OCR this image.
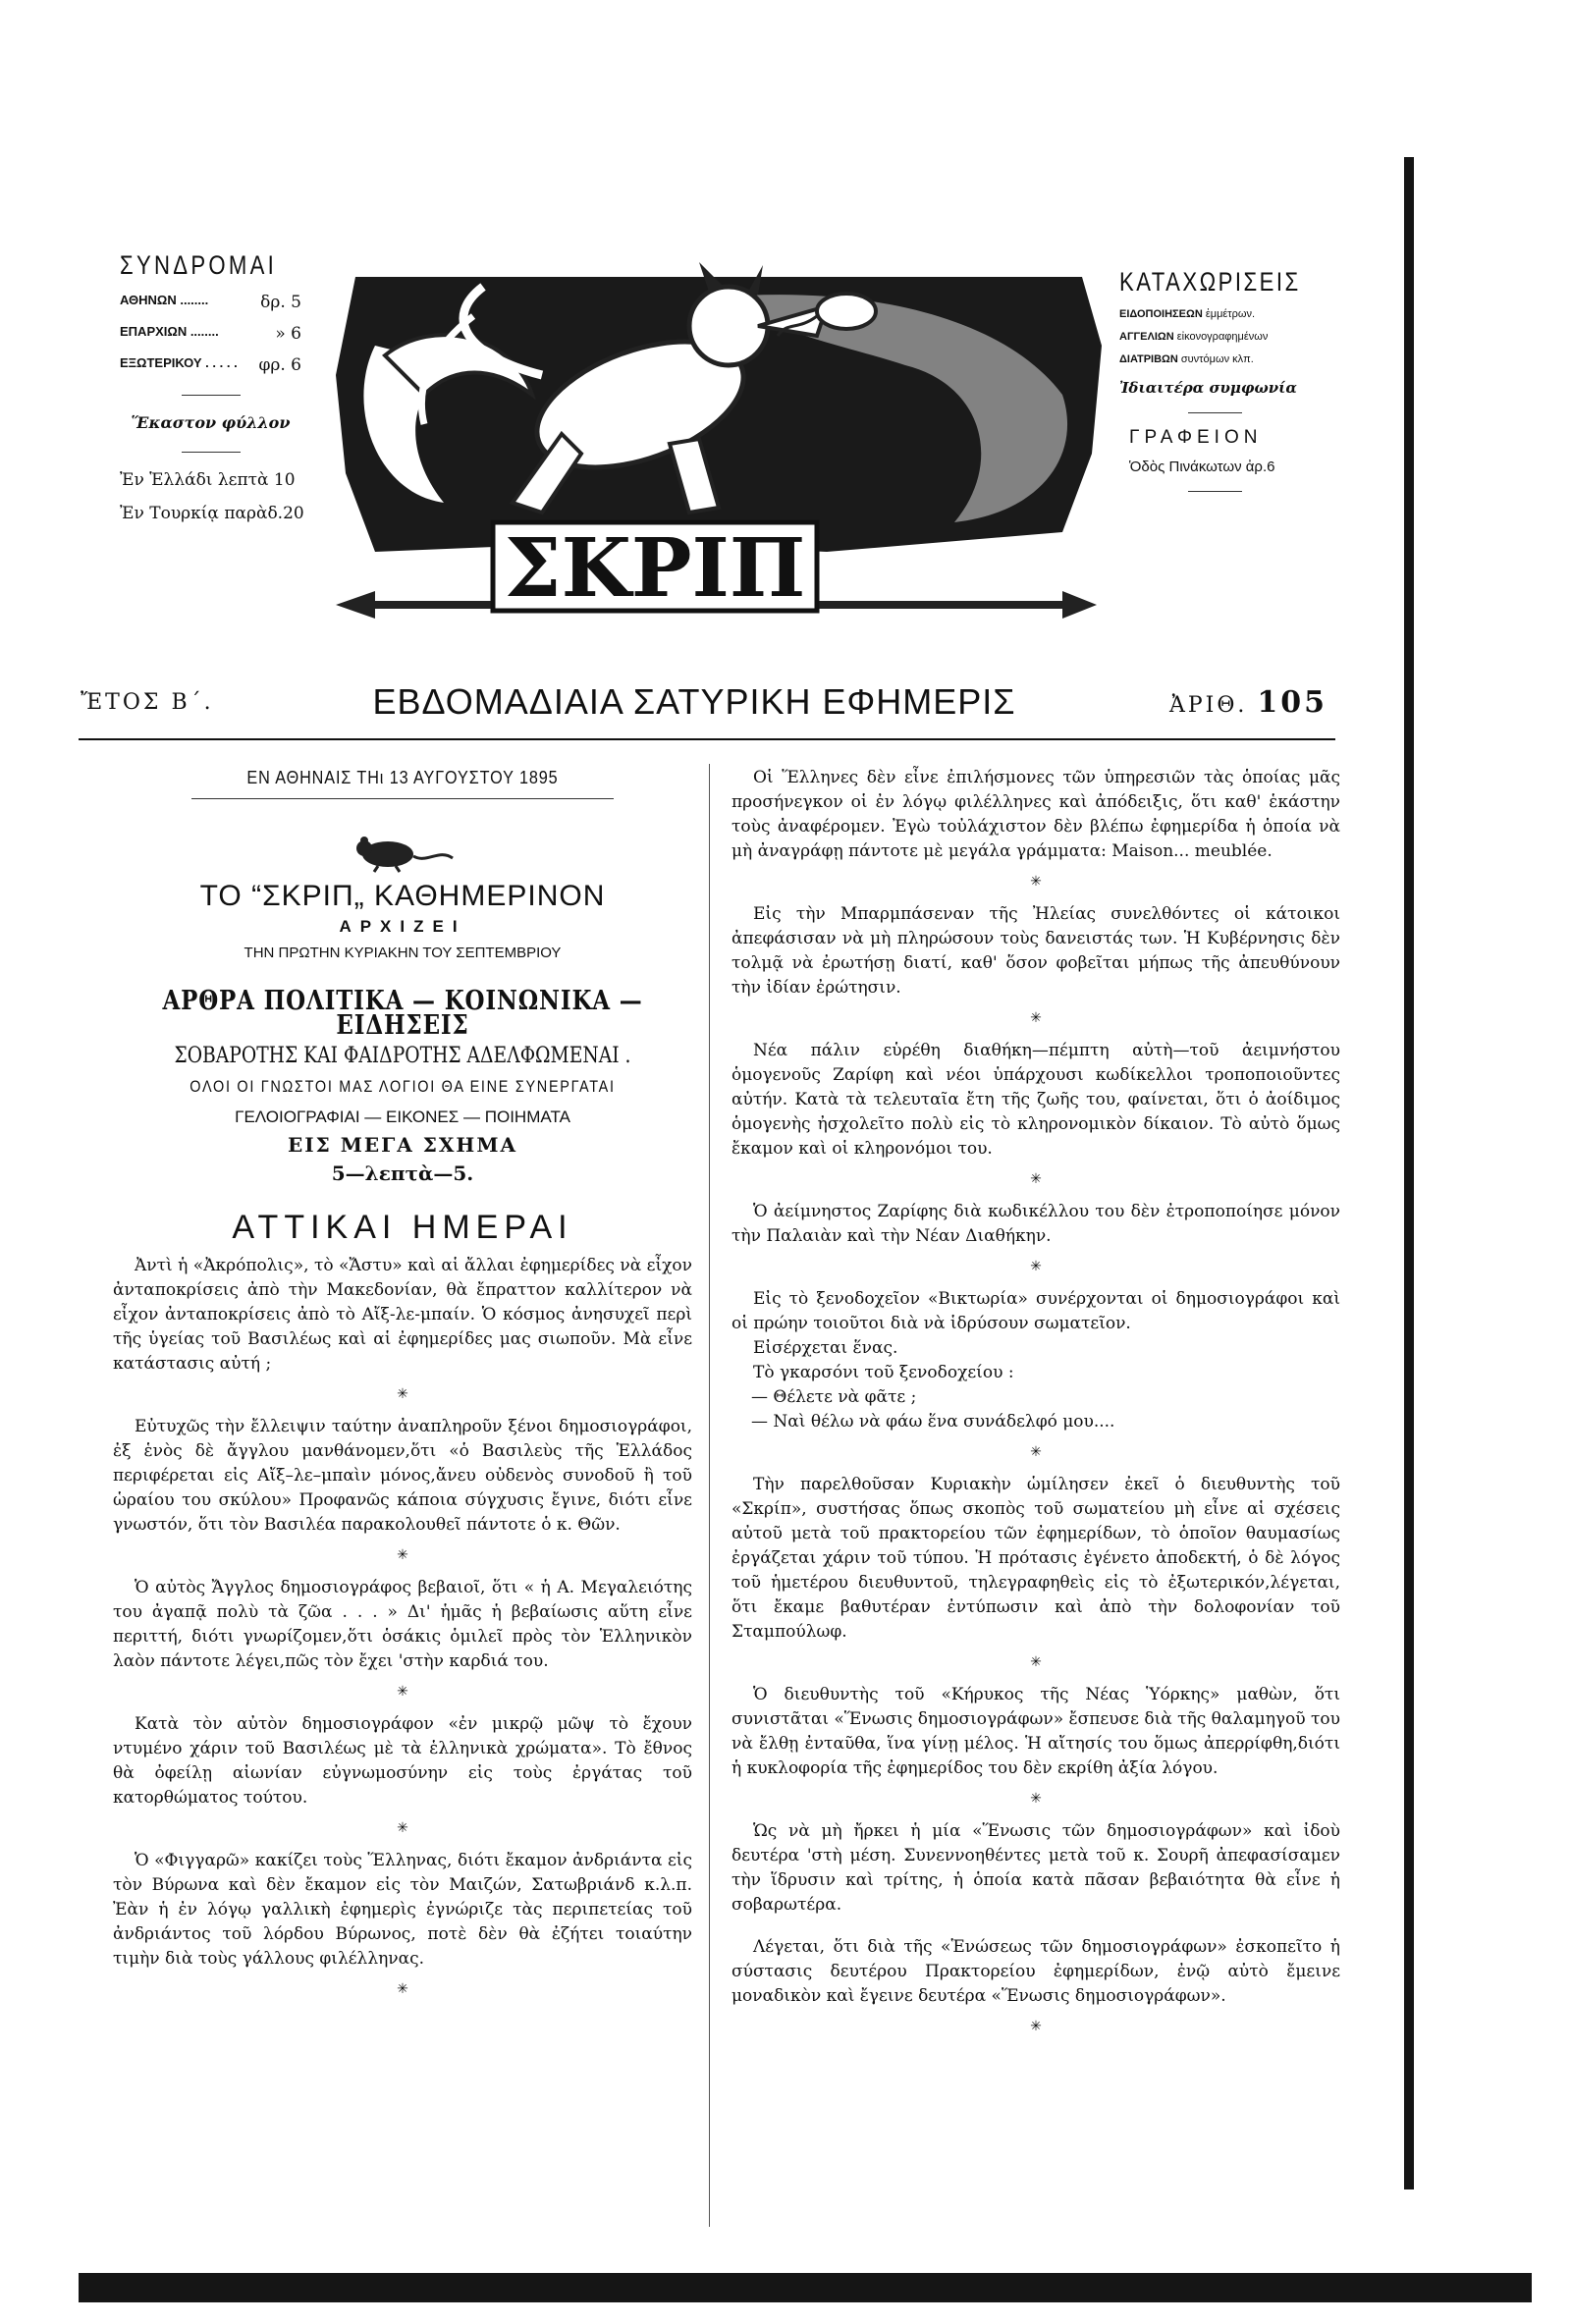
ΣΥΝΔΡΟΜΑΙ
ΑΘΗΝΩΝ ........	δρ. 5
ΕΠΑΡΧΙΩΝ ........	» 6
ΕΞΩΤΕΡΙΚΟΥ . . . . . φρ. 6
Ἕκαστον φύλλον
Ἐν Ἑλλάδι λεπτὰ 10
Ἐν Τουρκίᾳ παρὰδ.20
ΣΚΡΙΠ
ΚΑΤΑΧΩΡΙΣΕΙΣ
ΕΙΔΟΠΟΙΗΣΕΩΝ ἐμμέτρων.
ΑΓΓΕΛΙΩΝ εἰκονογραφημένων
ΔΙΑΤΡΙΒΩΝ συντόμων κλπ.
Ἰδιαιτέρα συμφωνία
ΓΡΑΦΕΙΟΝ
Ὁδὸς Πινάκωτων ἀρ.6
ἜΤΟΣ Β΄.	ΕΒΔΟΜΑΔΙΑΙΑ ΣΑΤΥΡΙΚΗ ΕΦΗΜΕΡΙΣ	ἈΡΙΘ. 105
ΕΝ ΑΘΗΝΑΙΣ ΤΗι 13 ΑΥΓΟΥΣΤΟΥ 1895
ΤΟ “ΣΚΡΙΠ„ ΚΑΘΗΜΕΡΙΝΟΝ
ΑΡΧΙΖΕΙ
ΤΗΝ ΠΡΩΤΗΝ ΚΥΡΙΑΚΗΝ ΤΟΥ ΣΕΠΤΕΜΒΡΙΟΥ
ΑΡΘΡΑ ΠΟΛΙΤΙΚΑ — ΚΟΙΝΩΝΙΚΑ — ΕΙΔΗΣΕΙΣ
ΣΟΒΑΡΟΤΗΣ ΚΑΙ ΦΑΙΔΡΟΤΗΣ ΑΔΕΛΦΩΜΕΝΑΙ .
ΟΛΟΙ ΟΙ ΓΝΩΣΤΟΙ ΜΑΣ ΛΟΓΙΟΙ ΘΑ ΕΙΝΕ ΣΥΝΕΡΓΑΤΑΙ
ΓΕΛΟΙΟΓΡΑΦΙΑΙ — ΕΙΚΟΝΕΣ — ΠΟΙΗΜΑΤΑ
ΕΙΣ ΜΕΓΑ ΣΧΗΜΑ
5—λεπτὰ—5.
ΑΤΤΙΚΑΙ ΗΜΕΡΑΙ

Ἀντὶ ἡ «Ἀκρόπολις», τὸ «Ἄστυ» καὶ αἱ ἄλλαι ἐφημερίδες νὰ εἶχον ἀνταποκρίσεις ἀπὸ τὴν Μακεδονίαν, θὰ ἔπραττον καλλίτερον νὰ εἶχον ἀνταποκρίσεις ἀπὸ τὸ Αἴξ-λε-μπαίν. Ὁ κόσμος ἀνησυχεῖ περὶ τῆς ὑγείας τοῦ Βασιλέως καὶ αἱ ἐφημερίδες μας σιωποῦν. Μὰ εἶνε κατάστασις αὐτή ;

✳

Εὐτυχῶς τὴν ἔλλειψιν ταύτην ἀναπληροῦν ξένοι δημοσιογράφοι, ἐξ ἑνὸς δὲ ἄγγλου μανθάνομεν,ὅτι «ὁ Βασιλεὺς τῆς Ἑλλάδος περιφέρεται εἰς Αἴξ–λε–μπαὶν μόνος,ἄνευ οὐδενὸς συνοδοῦ ἢ τοῦ ὡραίου του σκύλου» Προφανῶς κάποια σύγχυσις ἔγινε, διότι εἶνε γνωστόν, ὅτι τὸν Βασιλέα παρακολουθεῖ πάντοτε ὁ κ. Θῶν.

✳

Ὁ αὐτὸς Ἄγγλος δημοσιογράφος βεβαιοῖ, ὅτι « ἡ Α. Μεγαλειότης του ἀγαπᾷ πολὺ τὰ ζῶα . . . » Δι' ἡμᾶς ἡ βεβαίωσις αὕτη εἶνε περιττή, διότι γνωρίζομεν,ὅτι ὁσάκις ὁμιλεῖ πρὸς τὸν Ἑλληνικὸν λαὸν πάντοτε λέγει,πῶς τὸν ἔχει 'στὴν καρδιά του.

✳

Κατὰ τὸν αὐτὸν δημοσιογράφον «ἐν μικρῷ μῶψ τὸ ἔχουν ντυμένο χάριν τοῦ Βασιλέως μὲ τὰ ἑλληνικὰ χρώματα». Τὸ ἔθνος θὰ ὀφείλῃ αἰωνίαν εὐγνωμοσύνην εἰς τοὺς ἐργάτας τοῦ κατορθώματος τούτου.

✳

Ὁ «Φιγγαρῶ» κακίζει τοὺς Ἕλληνας, διότι ἔκαμον ἀνδριάντα εἰς τὸν Βύρωνα καὶ δὲν ἔκαμον εἰς τὸν Μαιζών, Σατωβριάνδ κ.λ.π. Ἐὰν ἡ ἐν λόγῳ γαλλικὴ ἐφημερὶς ἐγνώριζε τὰς περιπετείας τοῦ ἀνδριάντος τοῦ λόρδου Βύρωνος, ποτὲ δὲν θὰ ἐζήτει τοιαύτην τιμὴν διὰ τοὺς γάλλους φιλέλληνας.

✳

Οἱ Ἕλληνες δὲν εἶνε ἐπιλήσμονες τῶν ὑπηρεσιῶν τὰς ὁποίας μᾶς προσήνεγκον οἱ ἐν λόγῳ φιλέλληνες καὶ ἀπόδειξις, ὅτι καθ' ἑκάστην τοὺς ἀναφέρομεν. Ἐγὼ τοὐλάχιστον δὲν βλέπω ἐφημερίδα ἡ ὁποία νὰ μὴ ἀναγράφῃ πάντοτε μὲ μεγάλα γράμματα: Maison... meublée.

✳

Εἰς τὴν Μπαρμπάσεναν τῆς Ἠλείας συνελθόντες οἱ κάτοικοι ἀπεφάσισαν νὰ μὴ πληρώσουν τοὺς δανειστάς των. Ἡ Κυβέρνησις δὲν τολμᾷ νὰ ἐρωτήσῃ διατί, καθ' ὅσον φοβεῖται μήπως τῆς ἀπευθύνουν τὴν ἰδίαν ἐρώτησιν.

✳

Νέα πάλιν εὑρέθη διαθήκη—πέμπτη αὐτὴ—τοῦ ἀειμνήστου ὁμογενοῦς Ζαρίφη καὶ νέοι ὑπάρχουσι κωδίκελλοι τροποποιοῦντες αὐτήν. Κατὰ τὰ τελευταῖα ἔτη τῆς ζωῆς του, φαίνεται, ὅτι ὁ ἀοίδιμος ὁμογενὴς ἠσχολεῖτο πολὺ εἰς τὸ κληρονομικὸν δίκαιον. Τὸ αὐτὸ ὅμως ἔκαμον καὶ οἱ κληρονόμοι του.

✳

Ὁ ἀείμνηστος Ζαρίφης διὰ κωδικέλλου του δὲν ἐτροποποίησε μόνον τὴν Παλαιὰν καὶ τὴν Νέαν Διαθήκην.

✳

Εἰς τὸ ξενοδοχεῖον «Βικτωρία» συνέρχονται οἱ δημοσιογράφοι καὶ οἱ πρώην τοιοῦτοι διὰ νὰ ἱδρύσουν σωματεῖον.

Εἰσέρχεται ἕνας.

Τὸ γκαρσόνι τοῦ ξενοδοχείου :

— Θέλετε νὰ φᾶτε ;

— Ναὶ θέλω νὰ φάω ἕνα συνάδελφό μου....

✳

Τὴν παρελθοῦσαν Κυριακὴν ὡμίλησεν ἐκεῖ ὁ διευθυντὴς τοῦ «Σκρίπ», συστήσας ὅπως σκοπὸς τοῦ σωματείου μὴ εἶνε αἱ σχέσεις αὐτοῦ μετὰ τοῦ πρακτορείου τῶν ἐφημερίδων, τὸ ὁποῖον θαυμασίως ἐργάζεται χάριν τοῦ τύπου. Ἡ πρότασις ἐγένετο ἀποδεκτή, ὁ δὲ λόγος τοῦ ἡμετέρου διευθυντοῦ, τηλεγραφηθεὶς εἰς τὸ ἐξωτερικόν,λέγεται, ὅτι ἔκαμε βαθυτέραν ἐντύπωσιν καὶ ἀπὸ τὴν δολοφονίαν τοῦ Σταμπούλωφ.

✳

Ὁ διευθυντὴς τοῦ «Κήρυκος τῆς Νέας Ὑόρκης» μαθὼν, ὅτι συνιστᾶται «Ἕνωσις δημοσιογράφων» ἔσπευσε διὰ τῆς θαλαμηγοῦ του νὰ ἔλθῃ ἐνταῦθα, ἵνα γίνῃ μέλος. Ἡ αἴτησίς του ὅμως ἀπερρίφθη,διότι ἡ κυκλοφορία τῆς ἐφημερίδος του δὲν εκρίθη ἀξία λόγου.

✳

Ὡς νὰ μὴ ἤρκει ἡ μία «Ἕνωσις τῶν δημοσιογράφων» καὶ ἰδοὺ δευτέρα 'στὴ μέση. Συνεννοηθέντες μετὰ τοῦ κ. Σουρῆ ἀπεφασίσαμεν τὴν ἵδρυσιν καὶ τρίτης, ἡ ὁποία κατὰ πᾶσαν βεβαιότητα θὰ εἶνε ἡ σοβαρωτέρα.

Λέγεται, ὅτι διὰ τῆς «Ἑνώσεως τῶν δημοσιογράφων» ἐσκοπεῖτο ἡ σύστασις δευτέρου Πρακτορείου ἐφημερίδων, ἐνῷ αὐτὸ ἔμεινε μοναδικὸν καὶ ἔγεινε δευτέρα «Ἕνωσις δημοσιογράφων».

✳
